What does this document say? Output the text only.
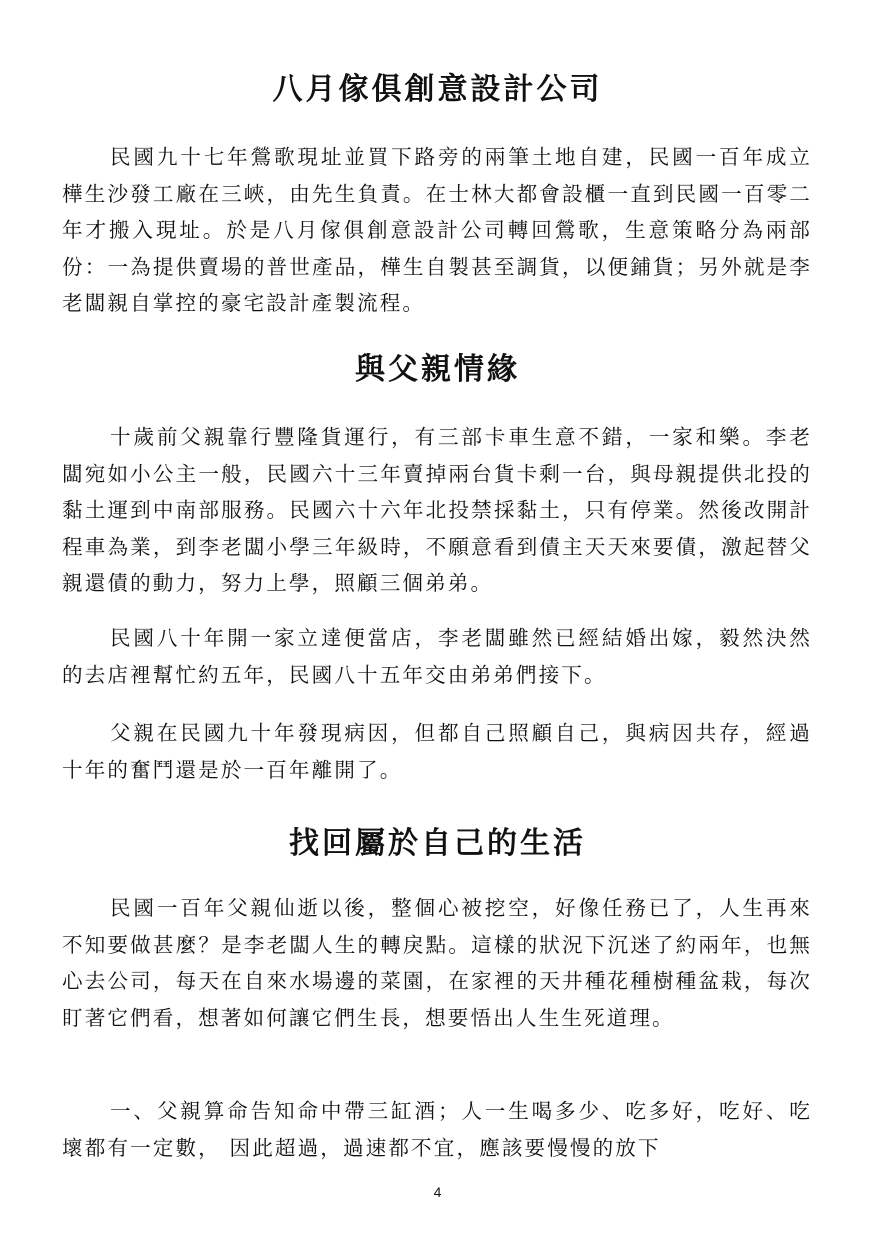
八月傢俱創意設計公司

民國九十七年鶯歌現址並買下路旁的兩筆土地自建，民國一百年成立樺生沙發工廠在三峽，由先生負責。在士林大都會設櫃一直到民國一百零二年才搬入現址。於是八月傢俱創意設計公司轉回鶯歌，生意策略分為兩部份：一為提供賣場的普世產品，樺生自製甚至調貨，以便鋪貨；另外就是李老闆親自掌控的豪宅設計產製流程。

與父親情緣

十歲前父親靠行豐隆貨運行，有三部卡車生意不錯，一家和樂。李老闆宛如小公主一般，民國六十三年賣掉兩台貨卡剩一台，與母親提供北投的黏土運到中南部服務。民國六十六年北投禁採黏土，只有停業。然後改開計程車為業，到李老闆小學三年級時，不願意看到債主天天來要債，激起替父親還債的動力，努力上學，照顧三個弟弟。

民國八十年開一家立達便當店，李老闆雖然已經結婚出嫁，毅然決然的去店裡幫忙約五年，民國八十五年交由弟弟們接下。

父親在民國九十年發現病因，但都自己照顧自己，與病因共存，經過十年的奮鬥還是於一百年離開了。

找回屬於自己的生活

民國一百年父親仙逝以後，整個心被挖空，好像任務已了，人生再來不知要做甚麼？是李老闆人生的轉戾點。這樣的狀況下沉迷了約兩年，也無心去公司，每天在自來水場邊的菜園，在家裡的天井種花種樹種盆栽，每次盯著它們看，想著如何讓它們生長，想要悟出人生生死道理。

一、父親算命告知命中帶三缸酒；人一生喝多少、吃多好，吃好、吃壞都有一定數， 因此超過，過速都不宜，應該要慢慢的放下

4
